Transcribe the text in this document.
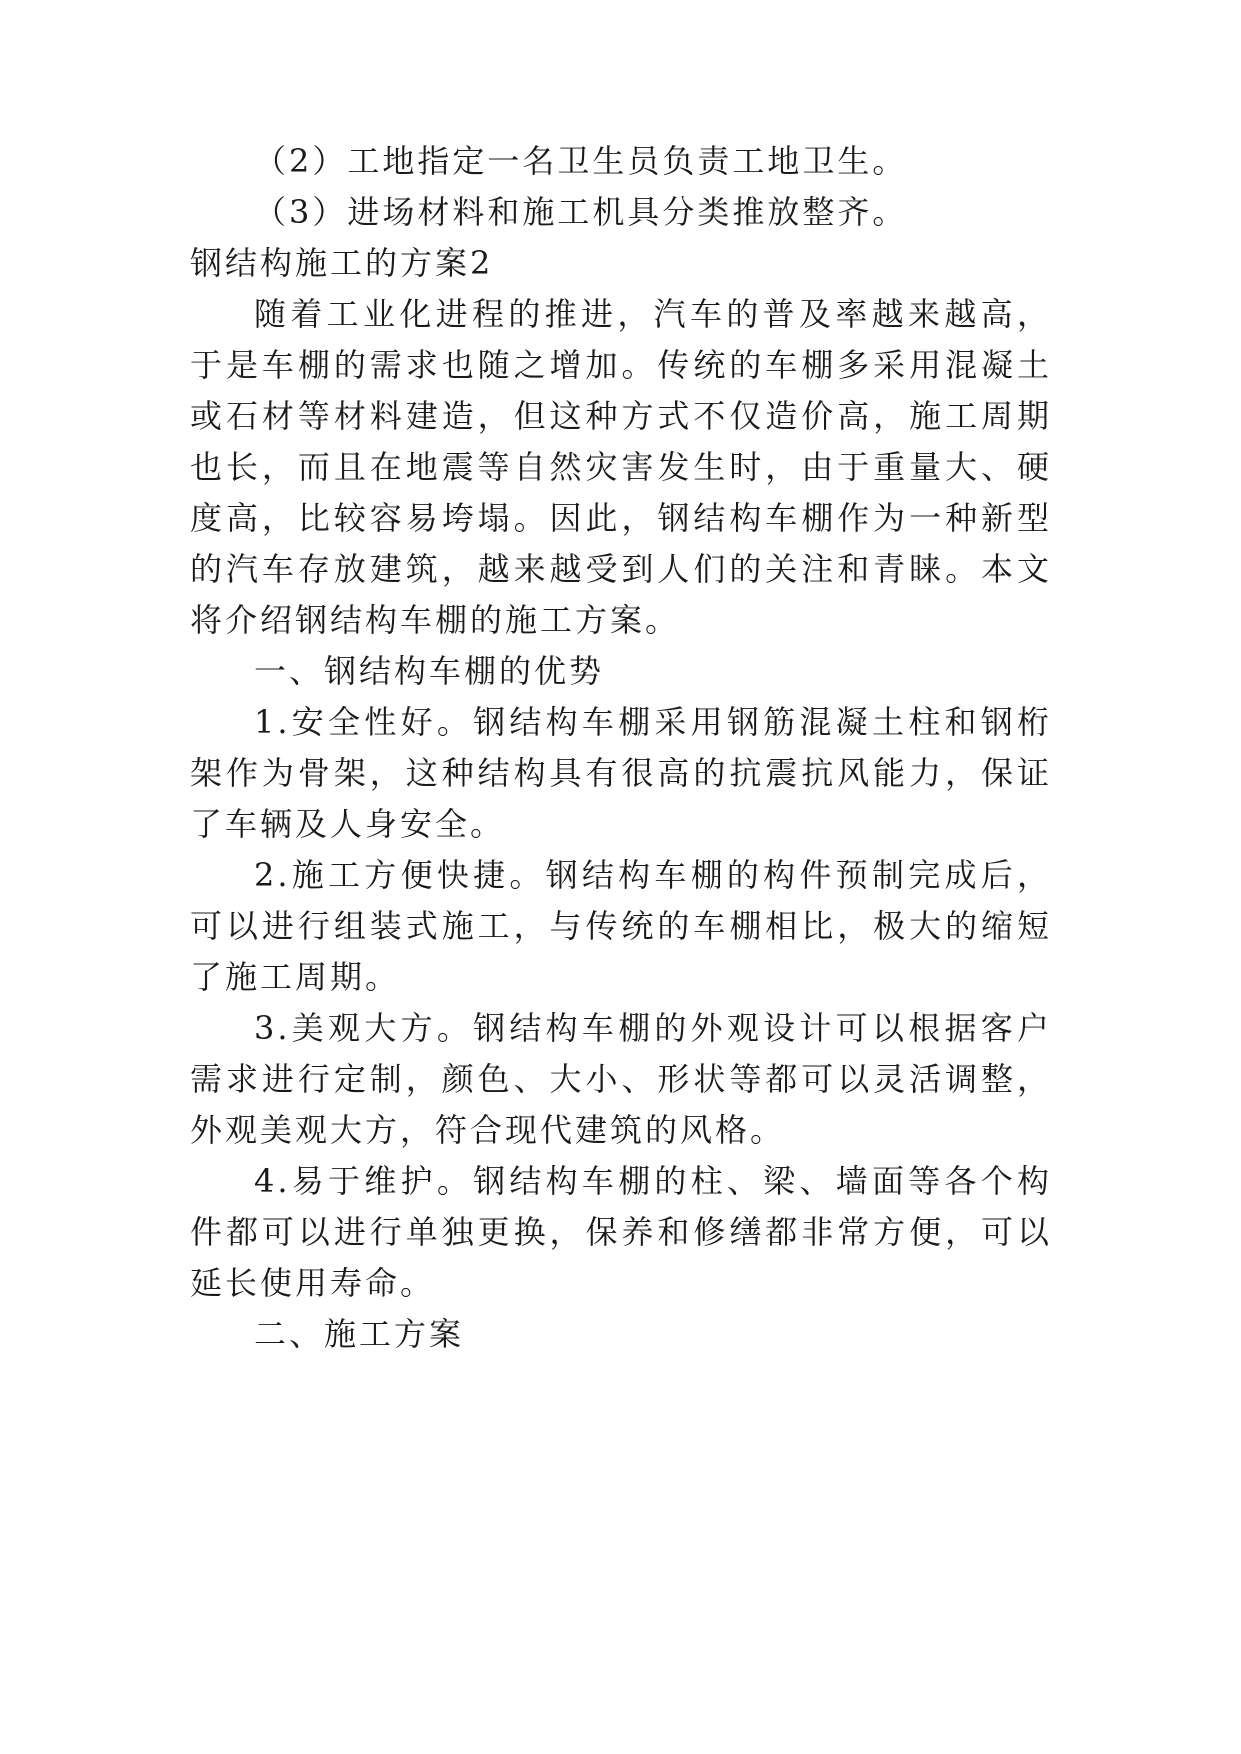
（2）工地指定一名卫生员负责工地卫生。

（3）进场材料和施工机具分类推放整齐。

钢结构施工的方案2

随着工业化进程的推进，汽车的普及率越来越高，于是车棚的需求也随之增加。传统的车棚多采用混凝土或石材等材料建造，但这种方式不仅造价高，施工周期也长，而且在地震等自然灾害发生时，由于重量大、硬度高，比较容易垮塌。因此，钢结构车棚作为一种新型的汽车存放建筑，越来越受到人们的关注和青睐。本文将介绍钢结构车棚的施工方案。

一、钢结构车棚的优势

1.安全性好。钢结构车棚采用钢筋混凝土柱和钢桁架作为骨架，这种结构具有很高的抗震抗风能力，保证了车辆及人身安全。

2.施工方便快捷。钢结构车棚的构件预制完成后，可以进行组装式施工，与传统的车棚相比，极大的缩短了施工周期。

3.美观大方。钢结构车棚的外观设计可以根据客户需求进行定制，颜色、大小、形状等都可以灵活调整，外观美观大方，符合现代建筑的风格。

4.易于维护。钢结构车棚的柱、梁、墙面等各个构件都可以进行单独更换，保养和修缮都非常方便，可以延长使用寿命。

二、施工方案
